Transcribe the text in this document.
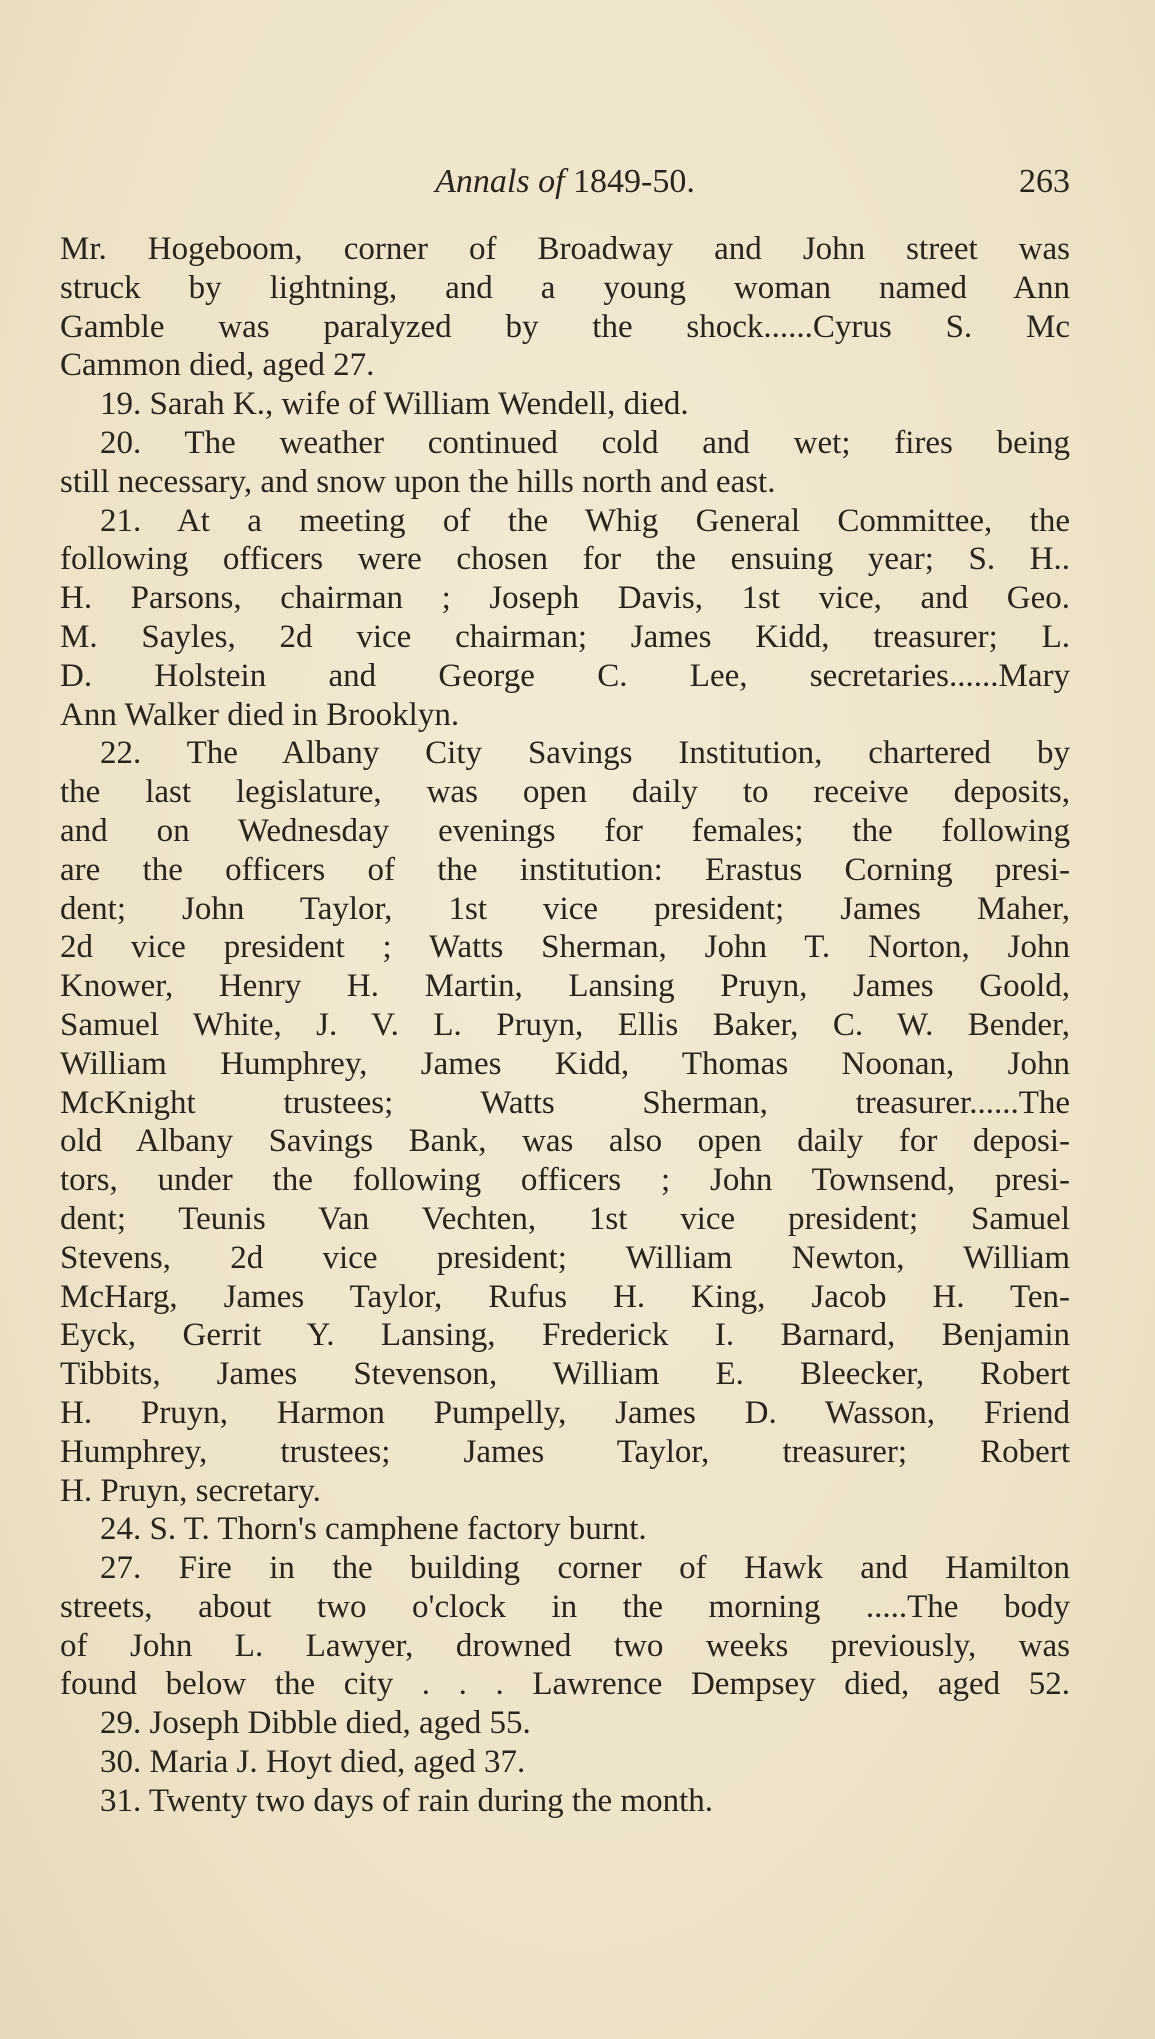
Annals of 1849-50.	263
Mr. Hogeboom, corner of Broadway and John street was
struck by lightning, and a young woman named Ann
Gamble was paralyzed by the shock......Cyrus S. Mc
Cammon died, aged 27.
19. Sarah K., wife of William Wendell, died.
20. The weather continued cold and wet; fires being
still necessary, and snow upon the hills north and east.
21. At a meeting of the Whig General Committee, the
following officers were chosen for the ensuing year; S. H..
H. Parsons, chairman ; Joseph Davis, 1st vice, and Geo.
M. Sayles, 2d vice chairman; James Kidd, treasurer; L.
D. Holstein and George C. Lee, secretaries......Mary
Ann Walker died in Brooklyn.
22. The Albany City Savings Institution, chartered by
the last legislature, was open daily to receive deposits,
and on Wednesday evenings for females; the following
are the officers of the institution: Erastus Corning presi-
dent; John Taylor, 1st vice president; James Maher,
2d vice president ; Watts Sherman, John T. Norton, John
Knower, Henry H. Martin, Lansing Pruyn, James Goold,
Samuel White, J. V. L. Pruyn, Ellis Baker, C. W. Bender,
William Humphrey, James Kidd, Thomas Noonan, John
McKnight trustees; Watts Sherman, treasurer......The
old Albany Savings Bank, was also open daily for deposi-
tors, under the following officers ; John Townsend, presi-
dent; Teunis Van Vechten, 1st vice president; Samuel
Stevens, 2d vice president; William Newton, William
McHarg, James Taylor, Rufus H. King, Jacob H. Ten-
Eyck, Gerrit Y. Lansing, Frederick I. Barnard, Benjamin
Tibbits, James Stevenson, William E. Bleecker, Robert
H. Pruyn, Harmon Pumpelly, James D. Wasson, Friend
Humphrey, trustees; James Taylor, treasurer; Robert
H. Pruyn, secretary.
24. S. T. Thorn's camphene factory burnt.
27. Fire in the building corner of Hawk and Hamilton
streets, about two o'clock in the morning .....The body
of John L. Lawyer, drowned two weeks previously, was
found below the city . . . Lawrence Dempsey died, aged 52.
29. Joseph Dibble died, aged 55.
30. Maria J. Hoyt died, aged 37.
31. Twenty two days of rain during the month.
